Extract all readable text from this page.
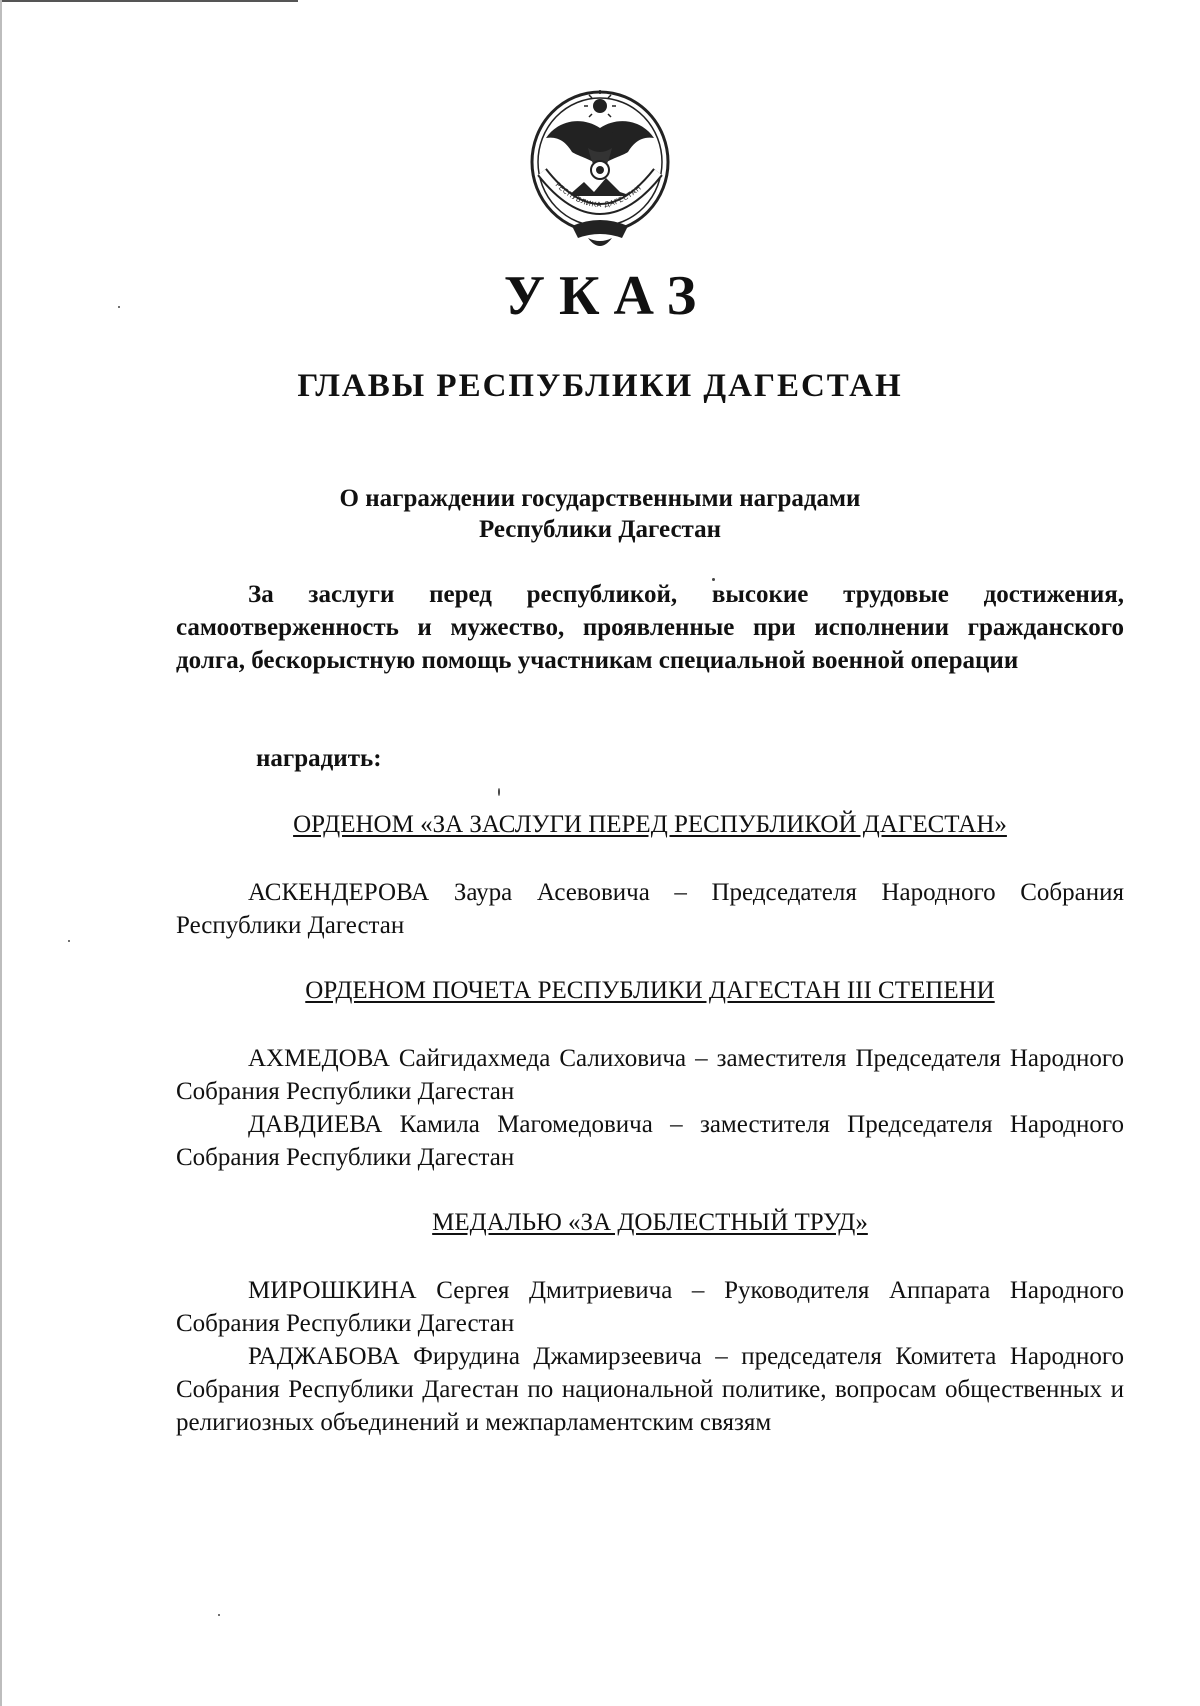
РЕСПУБЛИКА ДАГЕСТАН
УКАЗ
ГЛАВЫ РЕСПУБЛИКИ ДАГЕСТАН
О награждении государственными наградами
Республики Дагестан

За заслуги перед республикой, высокие трудовые достижения, самоотверженность и мужество, проявленные при исполнении гражданского долга, бескорыстную помощь участникам специальной военной операции

наградить:

ОРДЕНОМ «ЗА ЗАСЛУГИ ПЕРЕД РЕСПУБЛИКОЙ ДАГЕСТАН»

АСКЕНДЕРОВА Заура Асевовича – Председателя Народного Собрания Республики Дагестан

ОРДЕНОМ ПОЧЕТА РЕСПУБЛИКИ ДАГЕСТАН III СТЕПЕНИ

АХМЕДОВА Сайгидахмеда Салиховича – заместителя Председателя Народного Собрания Республики Дагестан

ДАВДИЕВА Камила Магомедовича – заместителя Председателя Народного Собрания Республики Дагестан

МЕДАЛЬЮ «ЗА ДОБЛЕСТНЫЙ ТРУД»

МИРОШКИНА Сергея Дмитриевича – Руководителя Аппарата Народного Собрания Республики Дагестан

РАДЖАБОВА Фирудина Джамирзеевича – председателя Комитета Народного Собрания Республики Дагестан по национальной политике, вопросам общественных и религиозных объединений и межпарламентским связям
